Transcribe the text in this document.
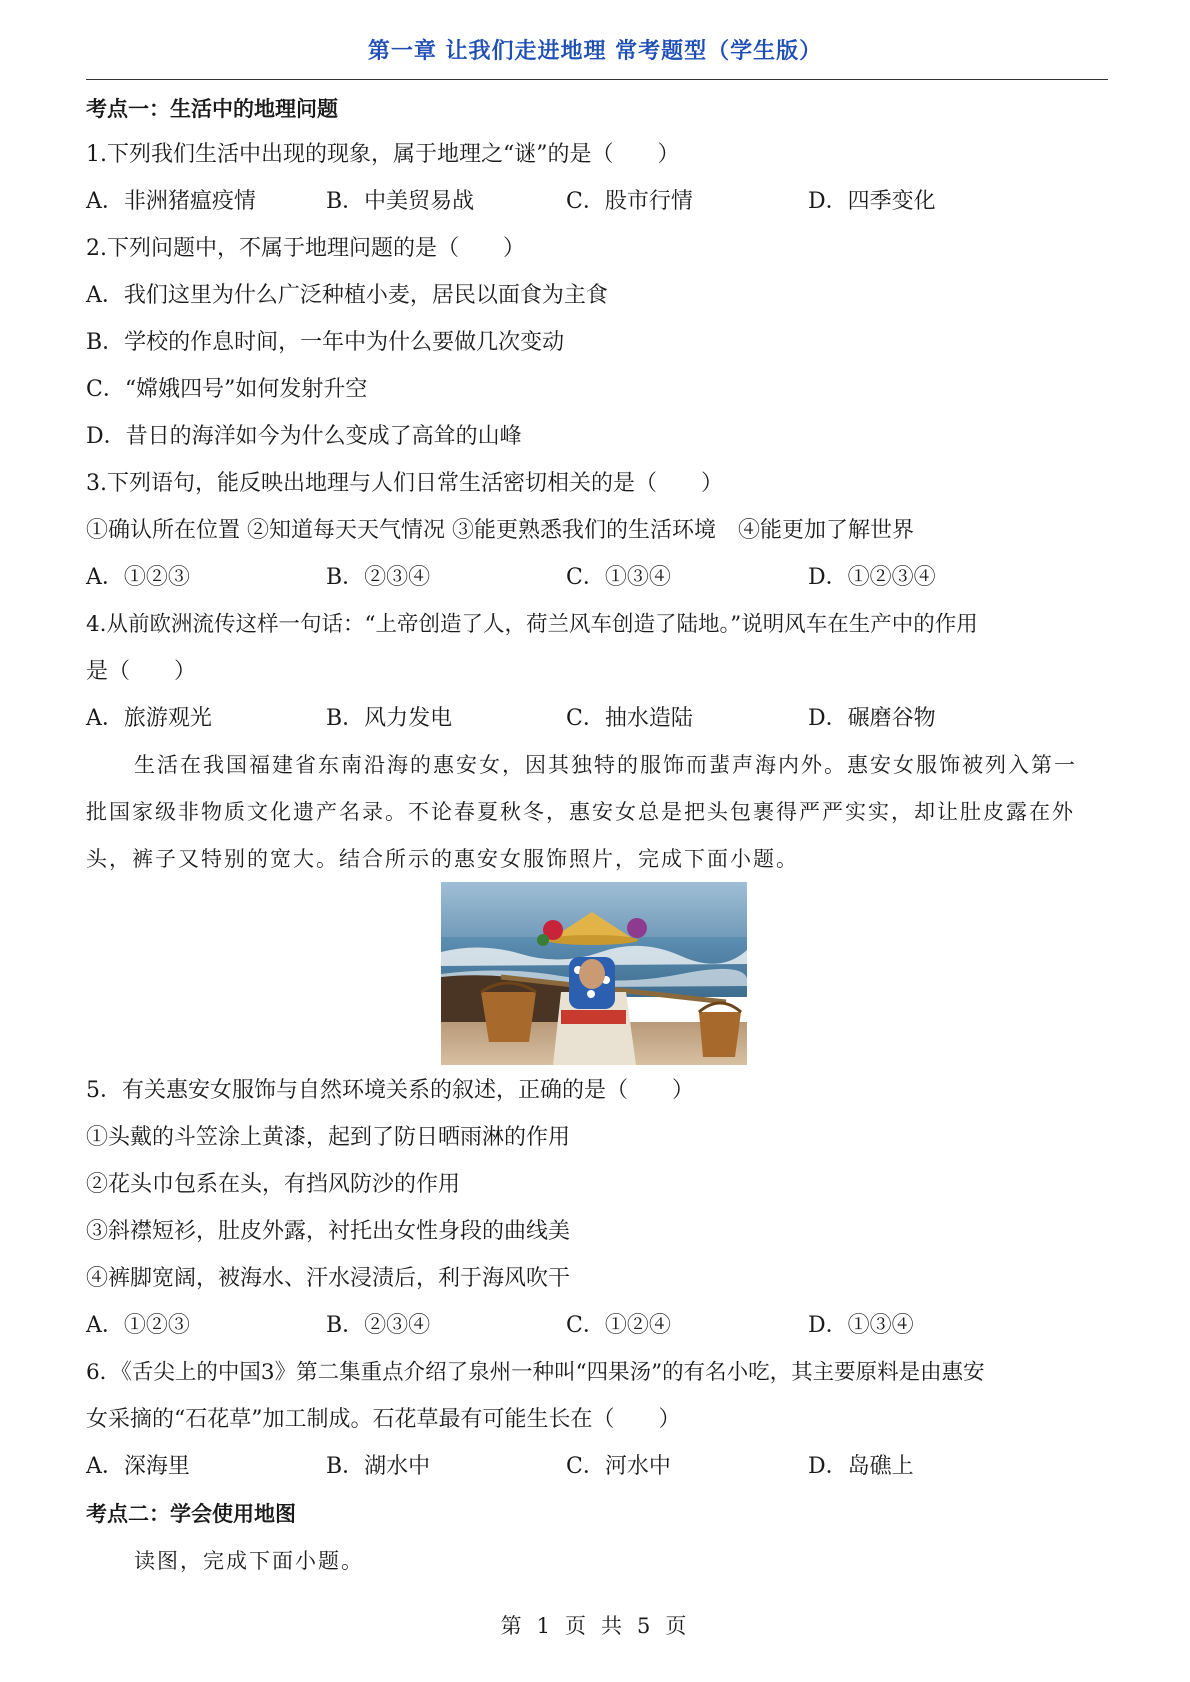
第一章 让我们走进地理 常考题型（学生版）
考点一：生活中的地理问题
1.下列我们生活中出现的现象，属于地理之“谜”的是（　　）
A．非洲猪瘟疫情	B．中美贸易战	C．股市行情	D．四季变化
2.下列问题中，不属于地理问题的是（　　）
A．我们这里为什么广泛种植小麦，居民以面食为主食
B．学校的作息时间，一年中为什么要做几次变动
C．“嫦娥四号”如何发射升空
D．昔日的海洋如今为什么变成了高耸的山峰
3.下列语句，能反映出地理与人们日常生活密切相关的是（　　）
①确认所在位置 ②知道每天天气情况 ③能更熟悉我们的生活环境　④能更加了解世界
A．①②③	B．②③④	C．①③④	D．①②③④
4.从前欧洲流传这样一句话：“上帝创造了人，荷兰风车创造了陆地。”说明风车在生产中的作用
是（　　）
A．旅游观光	B．风力发电	C．抽水造陆	D．碾磨谷物
生活在我国福建省东南沿海的惠安女，因其独特的服饰而蜚声海内外。惠安女服饰被列入第一
批国家级非物质文化遗产名录。不论春夏秋冬，惠安女总是把头包裹得严严实实，却让肚皮露在外
头，裤子又特别的宽大。结合所示的惠安女服饰照片，完成下面小题。
5．有关惠安女服饰与自然环境关系的叙述，正确的是（　　）
①头戴的斗笠涂上黄漆，起到了防日晒雨淋的作用
②花头巾包系在头，有挡风防沙的作用
③斜襟短衫，肚皮外露，衬托出女性身段的曲线美
④裤脚宽阔，被海水、汗水浸渍后，利于海风吹干
A．①②③	B．②③④	C．①②④	D．①③④
6．《舌尖上的中国3》第二集重点介绍了泉州一种叫“四果汤”的有名小吃，其主要原料是由惠安
女采摘的“石花草”加工制成。石花草最有可能生长在（　　）
A．深海里	B．湖水中	C．河水中	D．岛礁上
考点二：学会使用地图
读图，完成下面小题。
第 1 页 共 5 页
